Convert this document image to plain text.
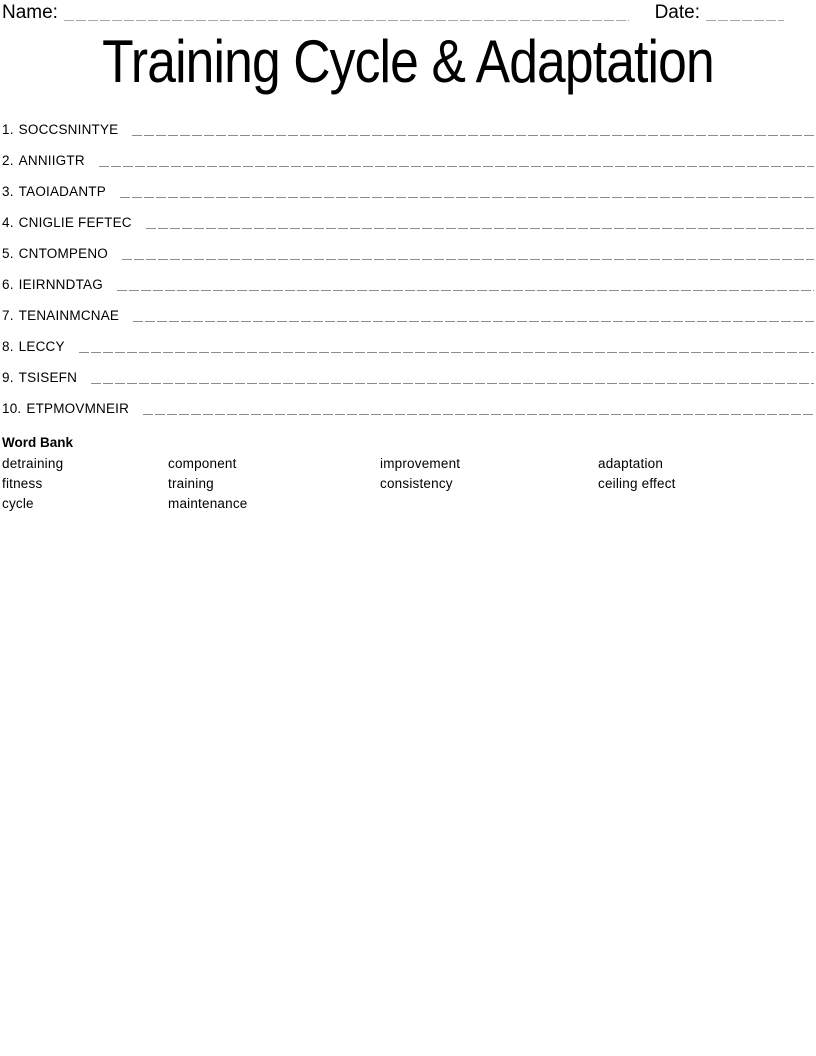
Name:	Date:
Training Cycle & Adaptation
1. SOCCSNINTYE
2. ANNIIGTR
3. TAOIADANTP
4. CNIGLIE FEFTEC
5. CNTOMPENO
6. IEIRNNDTAG
7. TENAINMCNAE
8. LECCY
9. TSISEFN
10. ETPMOVMNEIR
Word Bank
detraining
fitness
cycle
component
training
maintenance
improvement
consistency
adaptation
ceiling effect
